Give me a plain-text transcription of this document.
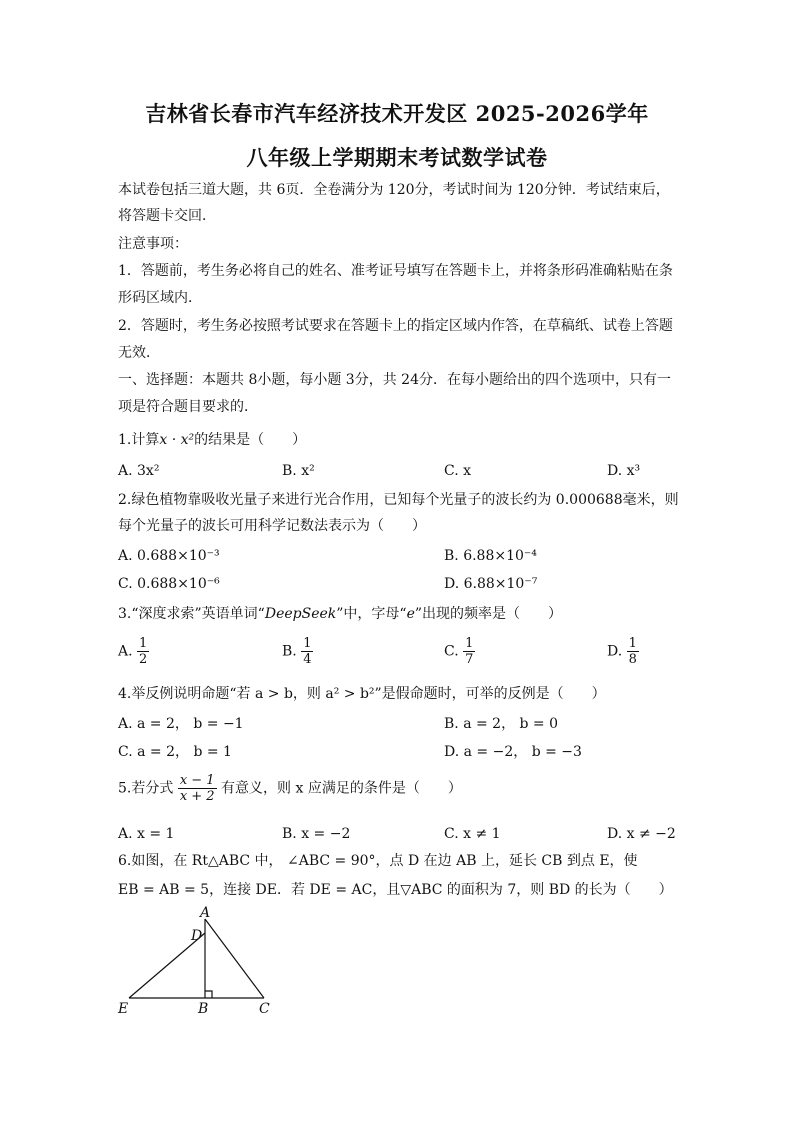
吉林省长春市汽车经济技术开发区 2025-2026学年
八年级上学期期末考试数学试卷
本试卷包括三道大题，共 6页．全卷满分为 120分，考试时间为 120分钟．考试结束后，
将答题卡交回．
注意事项：
1．答题前，考生务必将自己的姓名、准考证号填写在答题卡上，并将条形码准确粘贴在条
形码区域内．
2．答题时，考生务必按照考试要求在答题卡上的指定区域内作答，在草稿纸、试卷上答题
无效．
一、选择题：本题共 8小题，每小题 3分，共 24分．在每小题给出的四个选项中，只有一
项是符合题目要求的．
1.计算x · x²的结果是（　　）
A. 3x²	B. x²	C. x	D. x³
2.绿色植物靠吸收光量子来进行光合作用，已知每个光量子的波长约为 0.000688毫米，则
每个光量子的波长可用科学记数法表示为（　　）
A. 0.688×10⁻³	B. 6.88×10⁻⁴
C. 0.688×10⁻⁶	D. 6.88×10⁻⁷
3.“深度求索”英语单词“DeepSeek”中，字母“e”出现的频率是（　　）
A. $\frac{1}{2}$	B. $\frac{1}{4}$	C. $\frac{1}{7}$	D. $\frac{1}{8}$
4.举反例说明命题“若 a > b，则 a² > b²”是假命题时，可举的反例是（　　）
A. a = 2， b = −1	B. a = 2， b = 0
C. a = 2， b = 1	D. a = −2， b = −3
5.若分式 $\frac{x - 1}{x + 2}$ 有意义，则 x 应满足的条件是（　　）
A. x = 1	B. x = −2	C. x ≠ 1	D. x ≠ −2
6.如图，在 Rt△ABC 中， ∠ABC = 90°，点 D 在边 AB 上，延长 CB 到点 E，使
EB = AB = 5，连接 DE．若 DE = AC，且▽ABC 的面积为 7，则 BD 的长为（　　）
A
D
E	B	C
